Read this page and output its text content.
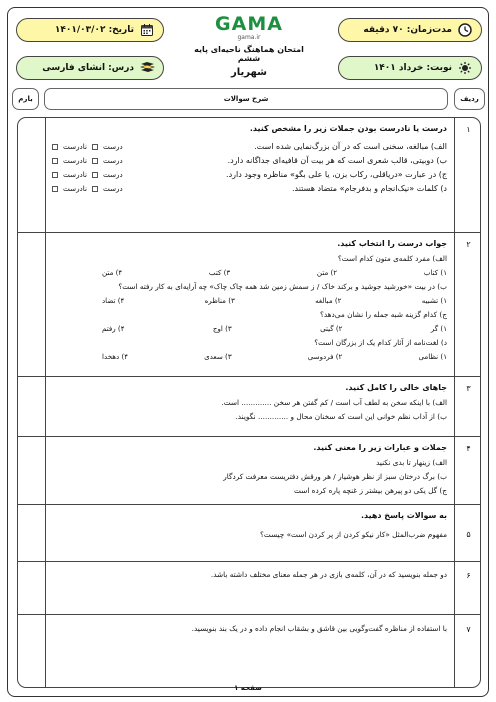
تاریخ: ۱۴۰۱/۰۳/۰۲	مدت‌زمان: ۷۰ دقیقه
درس: انشای فارسی	نوبت: خرداد ۱۴۰۱
GAMA
gama.ir
امتحان هماهنگ ناحیه‌ای پایه ششم
شهریار
بارم	شرح سوالات	ردیف
۱
درست یا نادرست بودن جملات زیر را مشخص کنید.
الف) مبالغه، سخنی است که در آن بزرگ‌نمایی شده است.
درست
نادرست
ب) دوبیتی، قالب شعری است که هر بیت آن قافیه‌ای جداگانه دارد.
درست
نادرست
ج) در عبارت «دریاقلی، رکاب بزن، یا علی بگو» مناظره وجود دارد.
درست
نادرست
د) کلمات «نیک‌انجام و بدفرجام» متضاد هستند.
درست
نادرست
۲
جواب درست را انتخاب کنید.
الف) مفرد کلمه‌ی متون کدام است؟
۱) کتاب
۲) متن
۳) کتب
۴) متن
ب) در بیت «خورشید جوشید و برکند خاک / ز سمش زمین شد همه چاک چاک» چه آرایه‌ای به کار رفته است؟
۱) تشبیه
۲) مبالغه
۳) مناظره
۴) تضاد
ج) کدام گزینه شبه جمله را نشان می‌دهد؟
۱) گر
۲) گیتی
۳) اوج
۴) رفتم
د) لغت‌نامه از آثار کدام یک از بزرگان است؟
۱) نظامی
۲) فردوسی
۳) سعدی
۴) دهخدا
۳
جاهای خالی را کامل کنید.
الف) با اینکه سخن به لطف آب است / کم گفتن هر سخن ............. است.
ب) از آداب نظم خوانی این است که سخنان محال و ............. نگویند.
۴
جملات و عبارات زیر را معنی کنید.
الف) زینهار تا بدی نکنید
ب) برگ درختان سبز از نظر هوشیار / هر ورقش دفتریست معرفت کردگار
ج) گل یکی دو پیرهن بیشتر ز غنچه پاره کرده است
۵
به سوالات پاسخ دهید.
مفهوم ضرب‌المثل «کار نیکو کردن از پر کردن است» چیست؟
۶
دو جمله بنویسید که در آن، کلمه‌ی بازی در هر جمله معنای مختلف داشته باشد.
۷
با استفاده از مناظره گفت‌وگویی بین قاشق و بشقاب انجام داده و در یک بند بنویسید.
صفحه ۱
